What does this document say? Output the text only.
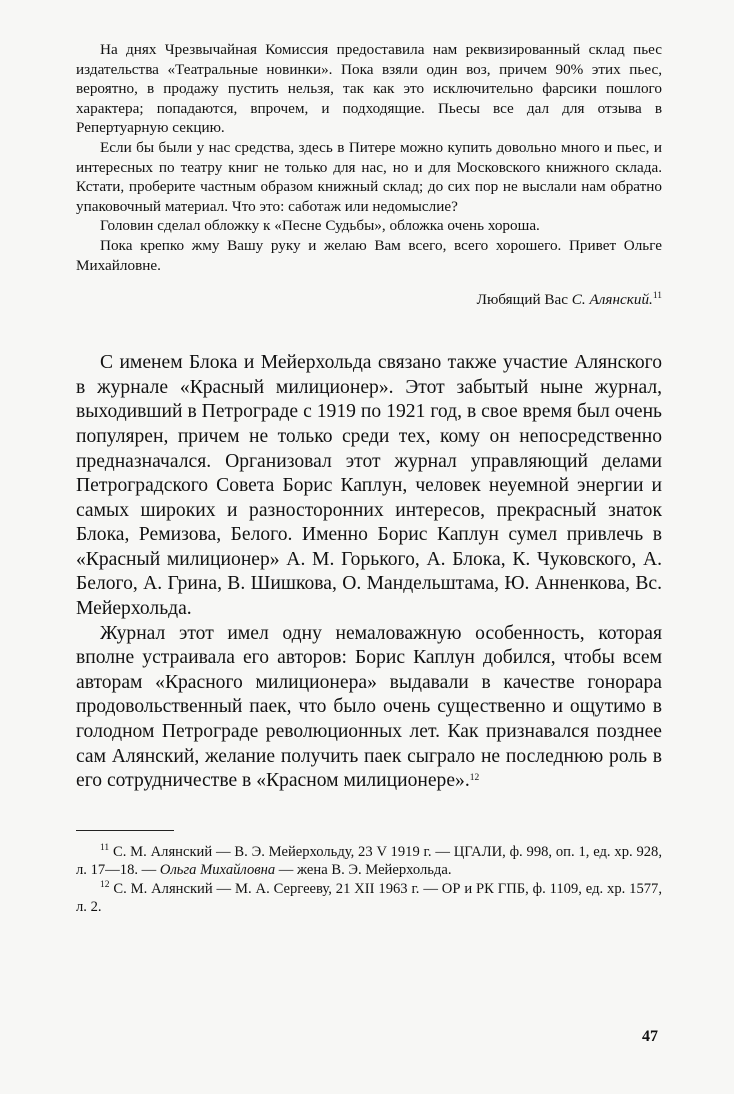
На днях Чрезвычайная Комиссия предоставила нам реквизированный склад пьес издательства «Театральные новинки». Пока взяли один воз, причем 90% этих пьес, вероятно, в продажу пустить нельзя, так как это исключительно фарсики пошлого характера; попадаются, впрочем, и подходящие. Пьесы все дал для отзыва в Репертуарную секцию.

Если бы были у нас средства, здесь в Питере можно купить довольно много и пьес, и интересных по театру книг не только для нас, но и для Московского книжного склада. Кстати, проберите частным образом книжный склад; до сих пор не выслали нам обратно упаковочный материал. Что это: саботаж или недомыслие?

Головин сделал обложку к «Песне Судьбы», обложка очень хороша.

Пока крепко жму Вашу руку и желаю Вам всего, всего хорошего. Привет Ольге Михайловне.

Любящий Вас С. Алянский.$^{11}$

С именем Блока и Мейерхольда связано также участие Алянского в журнале «Красный милиционер». Этот забытый ныне журнал, выходивший в Петрограде с 1919 по 1921 год, в свое время был очень популярен, причем не только среди тех, кому он непосредственно предназначался. Организовал этот журнал управляющий делами Петроградского Совета Борис Каплун, человек неуемной энергии и самых широких и разносторонних интересов, прекрасный знаток Блока, Ремизова, Белого. Именно Борис Каплун сумел привлечь в «Красный милиционер» А. М. Горького, А. Блока, К. Чуковского, А. Белого, А. Грина, В. Шишкова, О. Мандельштама, Ю. Анненкова, Вс. Мейерхольда.

Журнал этот имел одну немаловажную особенность, которая вполне устраивала его авторов: Борис Каплун добился, чтобы всем авторам «Красного милиционера» выдавали в качестве гонорара продовольственный паек, что было очень существенно и ощутимо в голодном Петрограде революционных лет. Как признавался позднее сам Алянский, желание получить паек сыграло не последнюю роль в его сотрудничестве в «Красном милиционере».$^{12}$

$^{11}$ С. М. Алянский — В. Э. Мейерхольду, 23 V 1919 г. — ЦГАЛИ, ф. 998, оп. 1, ед. хр. 928, л. 17—18. — Ольга Михайловна — жена В. Э. Мейерхольда.

$^{12}$ С. М. Алянский — М. А. Сергееву, 21 XII 1963 г. — ОР и РК ГПБ, ф. 1109, ед. хр. 1577, л. 2.

47
